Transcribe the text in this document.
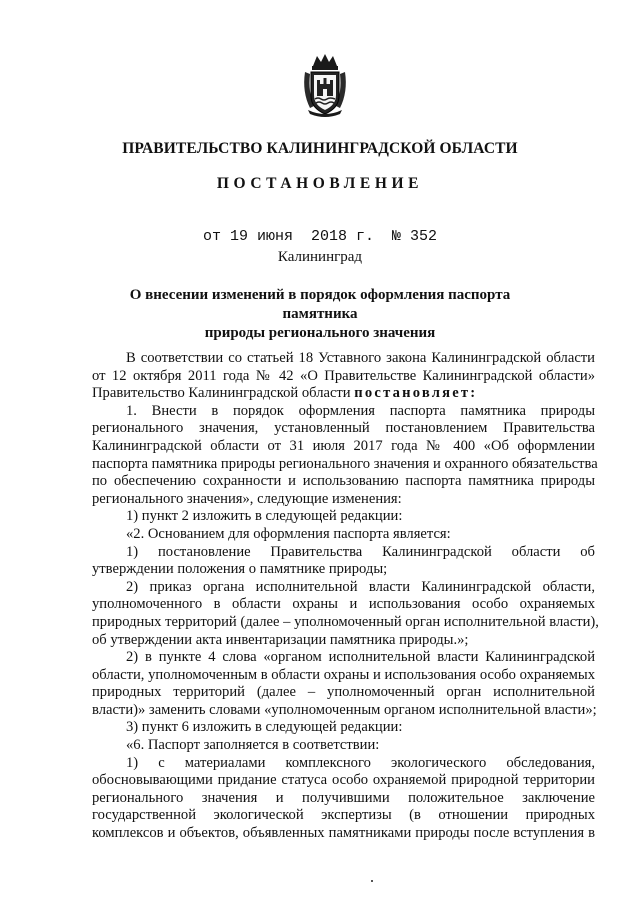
ПРАВИТЕЛЬСТВО КАЛИНИНГРАДСКОЙ ОБЛАСТИ
ПОСТАНОВЛЕНИЕ
от 19 июня  2018 г.  № 352
Калининград
О внесении изменений в порядок оформления паспорта памятника
природы регионального значения
В соответствии со статьей 18 Уставного закона Калининградской области
от 12 октября 2011 года № 42 «О Правительстве Калининградской области»
Правительство Калининградской области постановляет:
1. Внести в порядок оформления паспорта памятника природы
регионального значения, установленный постановлением Правительства
Калининградской области от 31 июля 2017 года № 400 «Об оформлении
паспорта памятника природы регионального значения и охранного обязательства
по обеспечению сохранности и использованию паспорта памятника природы
регионального значения», следующие изменения:
1) пункт 2 изложить в следующей редакции:
«2. Основанием для оформления паспорта является:
1) постановление Правительства Калининградской области об
утверждении положения о памятнике природы;
2) приказ органа исполнительной власти Калининградской области,
уполномоченного в области охраны и использования особо охраняемых
природных территорий (далее – уполномоченный орган исполнительной власти),
об утверждении акта инвентаризации памятника природы.»;
2) в пункте 4 слова «органом исполнительной власти Калининградской
области, уполномоченным в области охраны и использования особо охраняемых
природных территорий (далее – уполномоченный орган исполнительной
власти)» заменить словами «уполномоченным органом исполнительной власти»;
3) пункт 6 изложить в следующей редакции:
«6. Паспорт заполняется в соответствии:
1) с материалами комплексного экологического обследования,
обосновывающими придание статуса особо охраняемой природной территории
регионального значения и получившими положительное заключение
государственной экологической экспертизы (в отношении природных
комплексов и объектов, объявленных памятниками природы после вступления в
